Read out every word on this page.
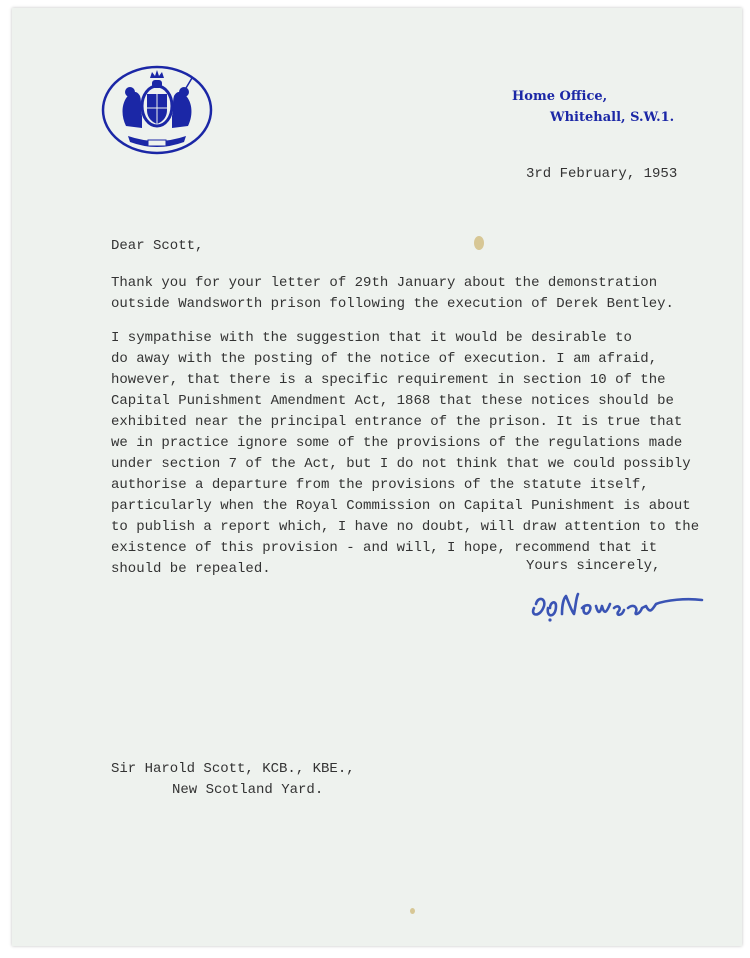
Home Office,
Whitehall, S.W.1.
3rd February, 1953
Dear Scott,

Thank you for your letter of 29th January about the demonstration
outside Wandsworth prison following the execution of Derek Bentley.

I sympathise with the suggestion that it would be desirable to
do away with the posting of the notice of execution. I am afraid,
however, that there is a specific requirement in section 10 of the
Capital Punishment Amendment Act, 1868 that these notices should be
exhibited near the principal entrance of the prison. It is true that
we in practice ignore some of the provisions of the regulations made
under section 7 of the Act, but I do not think that we could possibly
authorise a departure from the provisions of the statute itself,
particularly when the Royal Commission on Capital Punishment is about
to publish a report which, I have no doubt, will draw attention to the
existence of this provision - and will, I hope, recommend that it
should be repealed.	Yours sincerely,
Sir Harold Scott, KCB., KBE.,
New Scotland Yard.
